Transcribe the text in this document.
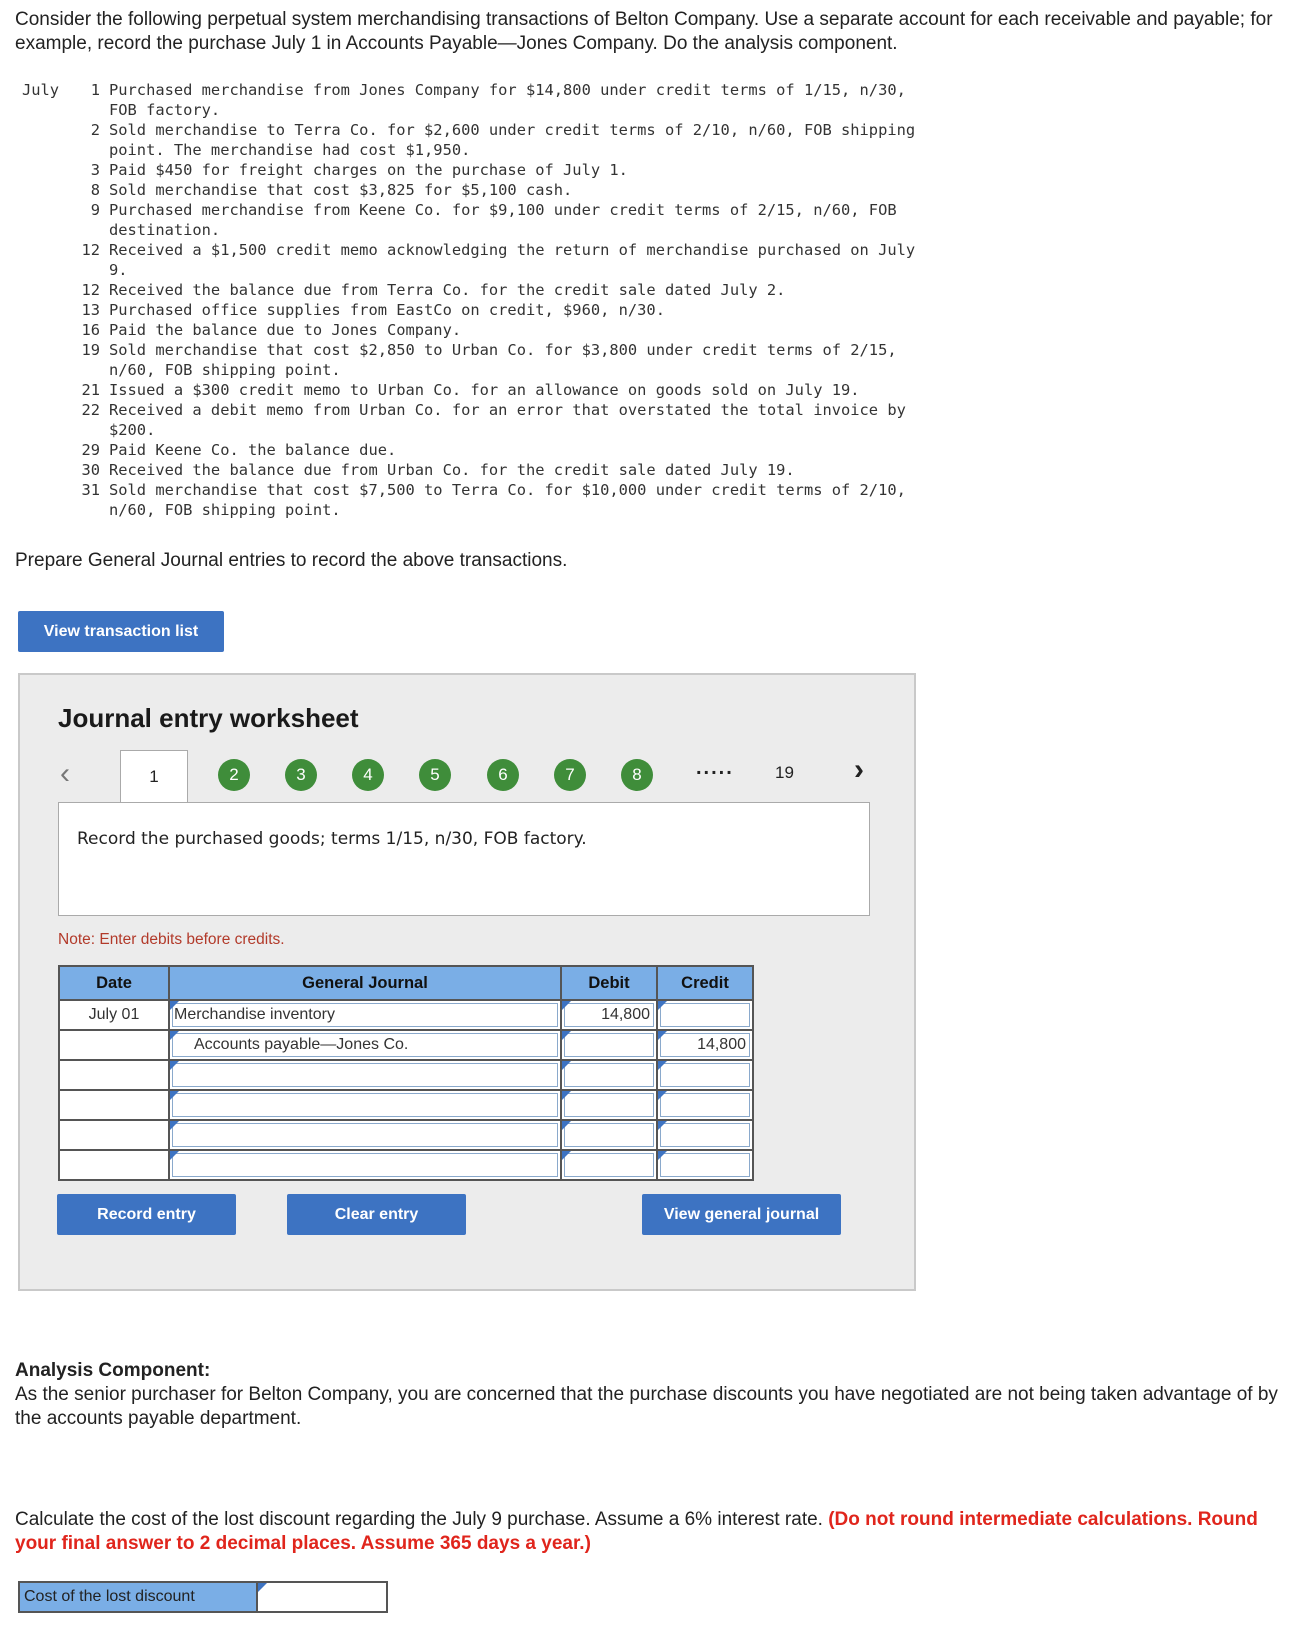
Consider the following perpetual system merchandising transactions of Belton Company. Use a separate account for each receivable and payable; for example, record the purchase July 1 in Accounts Payable—Jones Company. Do the analysis component.
July	1 Purchased merchandise from Jones Company for $14,800 under credit terms of 1/15, n/30,
FOB factory.
2 Sold merchandise to Terra Co. for $2,600 under credit terms of 2/10, n/60, FOB shipping
point. The merchandise had cost $1,950.
3 Paid $450 for freight charges on the purchase of July 1.
8 Sold merchandise that cost $3,825 for $5,100 cash.
9 Purchased merchandise from Keene Co. for $9,100 under credit terms of 2/15, n/60, FOB
destination.
12 Received a $1,500 credit memo acknowledging the return of merchandise purchased on July
9.
12 Received the balance due from Terra Co. for the credit sale dated July 2.
13 Purchased office supplies from EastCo on credit, $960, n/30.
16 Paid the balance due to Jones Company.
19 Sold merchandise that cost $2,850 to Urban Co. for $3,800 under credit terms of 2/15,
n/60, FOB shipping point.
21 Issued a $300 credit memo to Urban Co. for an allowance on goods sold on July 19.
22 Received a debit memo from Urban Co. for an error that overstated the total invoice by
$200.
29 Paid Keene Co. the balance due.
30 Received the balance due from Urban Co. for the credit sale dated July 19.
31 Sold merchandise that cost $7,500 to Terra Co. for $10,000 under credit terms of 2/10,
n/60, FOB shipping point.
Prepare General Journal entries to record the above transactions.
View transaction list
Journal entry worksheet
‹	1	2	3	4	5	6	7	8	..... 19 ›
Record the purchased goods; terms 1/15, n/30, FOB factory.
Note: Enter debits before credits.
Date	General Journal	Debit	Credit

July 01	Merchandise inventory	14,800	

	Accounts payable—Jones Co.		14,800

Record entry	Clear entry	View general journal
Analysis Component:
As the senior purchaser for Belton Company, you are concerned that the purchase discounts you have negotiated are not being taken advantage of by the accounts payable department.
Calculate the cost of the lost discount regarding the July 9 purchase. Assume a 6% interest rate. (Do not round intermediate calculations. Round your final answer to 2 decimal places. Assume 365 days a year.)
Cost of the lost discount
